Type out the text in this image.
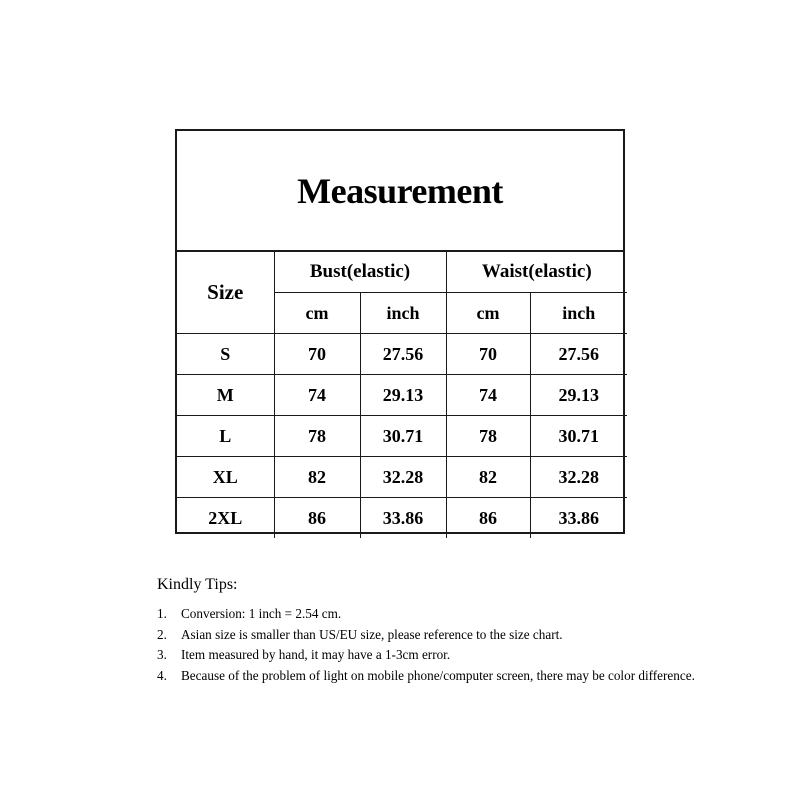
Measurement
Size	Bust(elastic)		Waist(elastic)	
	cm	inch	cm	inch
S	70	27.56	70	27.56
M	74	29.13	74	29.13
L	78	30.71	78	30.71
XL	82	32.28	82	32.28
2XL	86	33.86	86	33.86
Kindly Tips:
1.	Conversion: 1 inch = 2.54 cm.
2.	Asian size is smaller than US/EU size, please reference to the size chart.
3.	Item measured by hand, it may have a 1-3cm error.
4.	Because of the problem of light on mobile phone/computer screen, there may be color difference.
